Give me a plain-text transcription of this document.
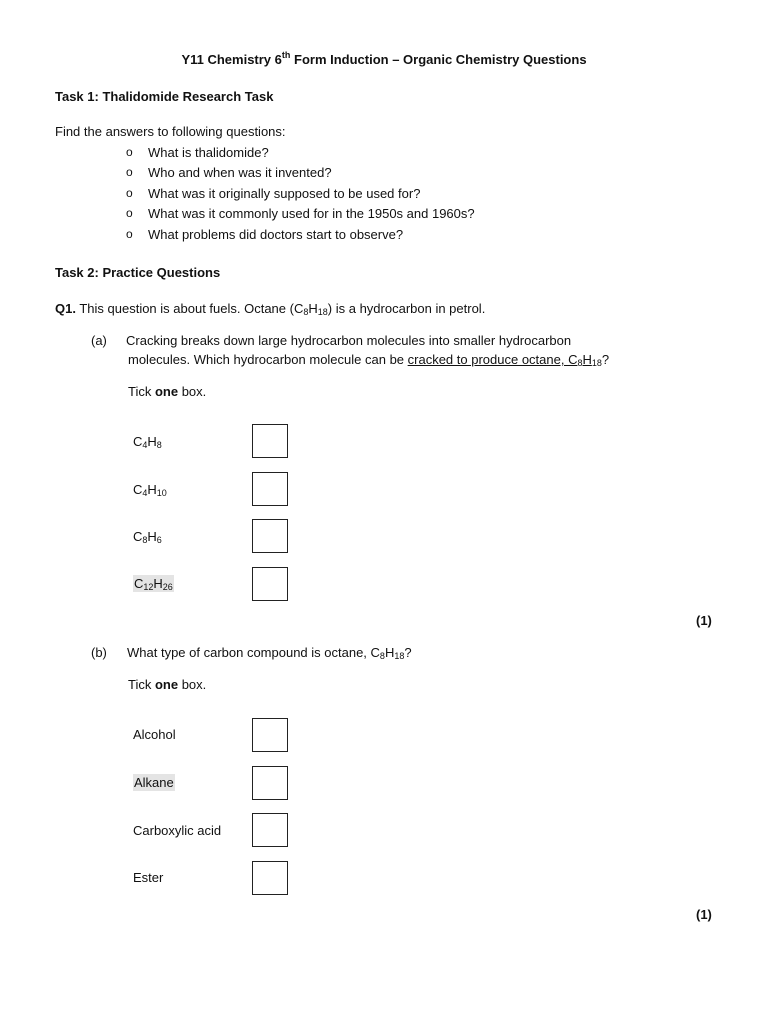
Y11 Chemistry 6th Form Induction – Organic Chemistry Questions
Task 1: Thalidomide Research Task
Find the answers to following questions:
o What is thalidomide?
o Who and when was it invented?
o What was it originally supposed to be used for?
o What was it commonly used for in the 1950s and 1960s?
o What problems did doctors start to observe?
Task 2: Practice Questions
Q1. This question is about fuels. Octane $(C_8H_{18})$ is a hydrocarbon in petrol.
(a) Cracking breaks down large hydrocarbon molecules into smaller hydrocarbon
molecules. Which hydrocarbon molecule can be cracked to produce octane, $C_8H_{18}$?
Tick one box.
$C_4H_8$
$C_4H_{10}$
$C_8H_6$
$C_{12}H_{26}$
(1)
(b) What type of carbon compound is octane, $C_8H_{18}$?
Tick one box.
Alcohol
Alkane
Carboxylic acid
Ester
(1)
